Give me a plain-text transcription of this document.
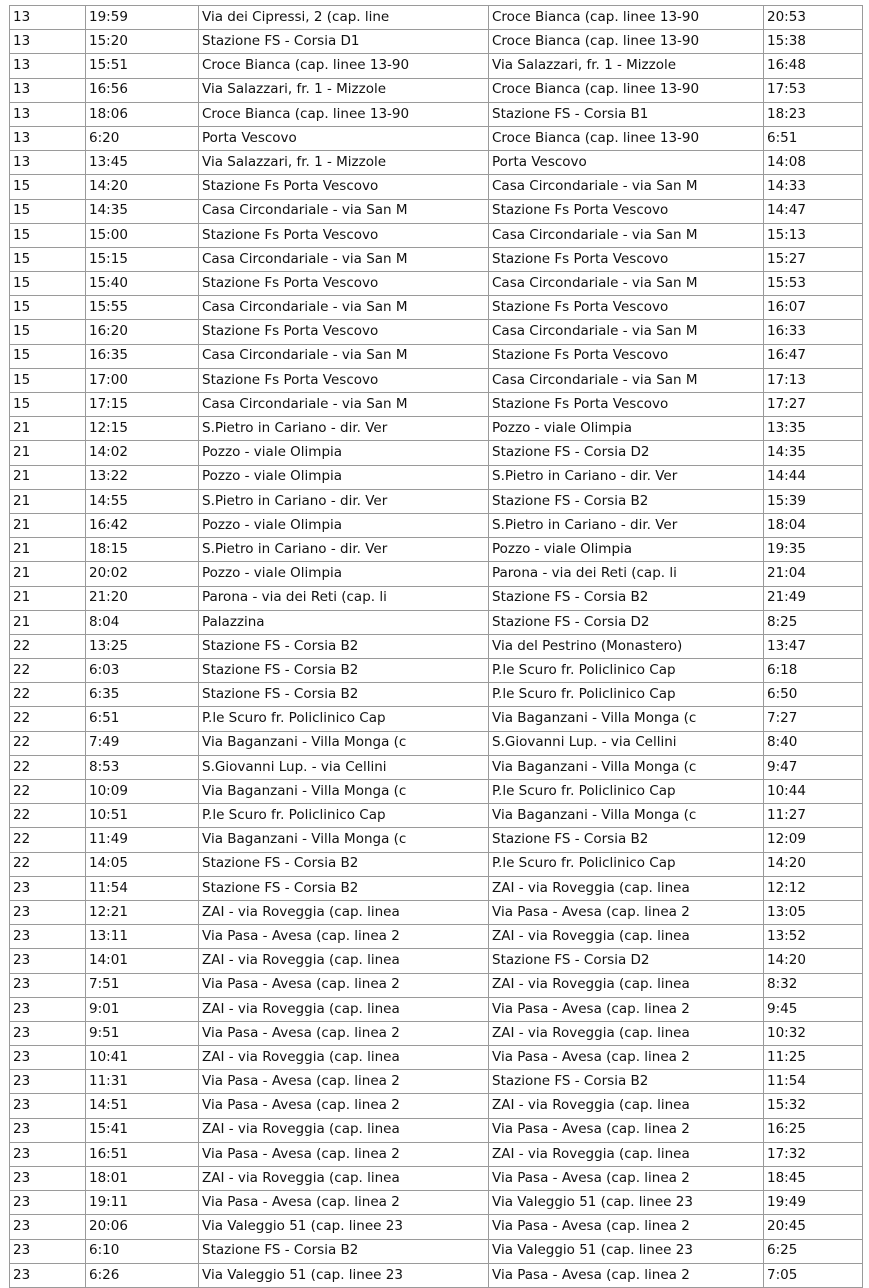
13	19:59	Via dei Cipressi, 2 (cap. line	Croce Bianca (cap. linee 13-90	20:53
13	15:20	Stazione FS - Corsia D1	Croce Bianca (cap. linee 13-90	15:38
13	15:51	Croce Bianca (cap. linee 13-90	Via Salazzari, fr. 1 - Mizzole	16:48
13	16:56	Via Salazzari, fr. 1 - Mizzole	Croce Bianca (cap. linee 13-90	17:53
13	18:06	Croce Bianca (cap. linee 13-90	Stazione FS - Corsia B1	18:23
13	6:20	Porta Vescovo	Croce Bianca (cap. linee 13-90	6:51
13	13:45	Via Salazzari, fr. 1 - Mizzole	Porta Vescovo	14:08
15	14:20	Stazione Fs Porta Vescovo	Casa Circondariale - via San M	14:33
15	14:35	Casa Circondariale - via San M	Stazione Fs Porta Vescovo	14:47
15	15:00	Stazione Fs Porta Vescovo	Casa Circondariale - via San M	15:13
15	15:15	Casa Circondariale - via San M	Stazione Fs Porta Vescovo	15:27
15	15:40	Stazione Fs Porta Vescovo	Casa Circondariale - via San M	15:53
15	15:55	Casa Circondariale - via San M	Stazione Fs Porta Vescovo	16:07
15	16:20	Stazione Fs Porta Vescovo	Casa Circondariale - via San M	16:33
15	16:35	Casa Circondariale - via San M	Stazione Fs Porta Vescovo	16:47
15	17:00	Stazione Fs Porta Vescovo	Casa Circondariale - via San M	17:13
15	17:15	Casa Circondariale - via San M	Stazione Fs Porta Vescovo	17:27
21	12:15	S.Pietro in Cariano - dir. Ver	Pozzo - viale Olimpia	13:35
21	14:02	Pozzo - viale Olimpia	Stazione FS - Corsia D2	14:35
21	13:22	Pozzo - viale Olimpia	S.Pietro in Cariano - dir. Ver	14:44
21	14:55	S.Pietro in Cariano - dir. Ver	Stazione FS - Corsia B2	15:39
21	16:42	Pozzo - viale Olimpia	S.Pietro in Cariano - dir. Ver	18:04
21	18:15	S.Pietro in Cariano - dir. Ver	Pozzo - viale Olimpia	19:35
21	20:02	Pozzo - viale Olimpia	Parona - via dei Reti (cap. li	21:04
21	21:20	Parona - via dei Reti (cap. li	Stazione FS - Corsia B2	21:49
21	8:04	Palazzina	Stazione FS - Corsia D2	8:25
22	13:25	Stazione FS - Corsia B2	Via del Pestrino (Monastero)	13:47
22	6:03	Stazione FS - Corsia B2	P.le Scuro fr. Policlinico Cap	6:18
22	6:35	Stazione FS - Corsia B2	P.le Scuro fr. Policlinico Cap	6:50
22	6:51	P.le Scuro fr. Policlinico Cap	Via Baganzani - Villa Monga (c	7:27
22	7:49	Via Baganzani - Villa Monga (c	S.Giovanni Lup. - via Cellini	8:40
22	8:53	S.Giovanni Lup. - via Cellini	Via Baganzani - Villa Monga (c	9:47
22	10:09	Via Baganzani - Villa Monga (c	P.le Scuro fr. Policlinico Cap	10:44
22	10:51	P.le Scuro fr. Policlinico Cap	Via Baganzani - Villa Monga (c	11:27
22	11:49	Via Baganzani - Villa Monga (c	Stazione FS - Corsia B2	12:09
22	14:05	Stazione FS - Corsia B2	P.le Scuro fr. Policlinico Cap	14:20
23	11:54	Stazione FS - Corsia B2	ZAI - via Roveggia (cap. linea	12:12
23	12:21	ZAI - via Roveggia (cap. linea	Via Pasa - Avesa (cap. linea 2	13:05
23	13:11	Via Pasa - Avesa (cap. linea 2	ZAI - via Roveggia (cap. linea	13:52
23	14:01	ZAI - via Roveggia (cap. linea	Stazione FS - Corsia D2	14:20
23	7:51	Via Pasa - Avesa (cap. linea 2	ZAI - via Roveggia (cap. linea	8:32
23	9:01	ZAI - via Roveggia (cap. linea	Via Pasa - Avesa (cap. linea 2	9:45
23	9:51	Via Pasa - Avesa (cap. linea 2	ZAI - via Roveggia (cap. linea	10:32
23	10:41	ZAI - via Roveggia (cap. linea	Via Pasa - Avesa (cap. linea 2	11:25
23	11:31	Via Pasa - Avesa (cap. linea 2	Stazione FS - Corsia B2	11:54
23	14:51	Via Pasa - Avesa (cap. linea 2	ZAI - via Roveggia (cap. linea	15:32
23	15:41	ZAI - via Roveggia (cap. linea	Via Pasa - Avesa (cap. linea 2	16:25
23	16:51	Via Pasa - Avesa (cap. linea 2	ZAI - via Roveggia (cap. linea	17:32
23	18:01	ZAI - via Roveggia (cap. linea	Via Pasa - Avesa (cap. linea 2	18:45
23	19:11	Via Pasa - Avesa (cap. linea 2	Via Valeggio 51 (cap. linee 23	19:49
23	20:06	Via Valeggio 51 (cap. linee 23	Via Pasa - Avesa (cap. linea 2	20:45
23	6:10	Stazione FS - Corsia B2	Via Valeggio 51 (cap. linee 23	6:25
23	6:26	Via Valeggio 51 (cap. linee 23	Via Pasa - Avesa (cap. linea 2	7:05
